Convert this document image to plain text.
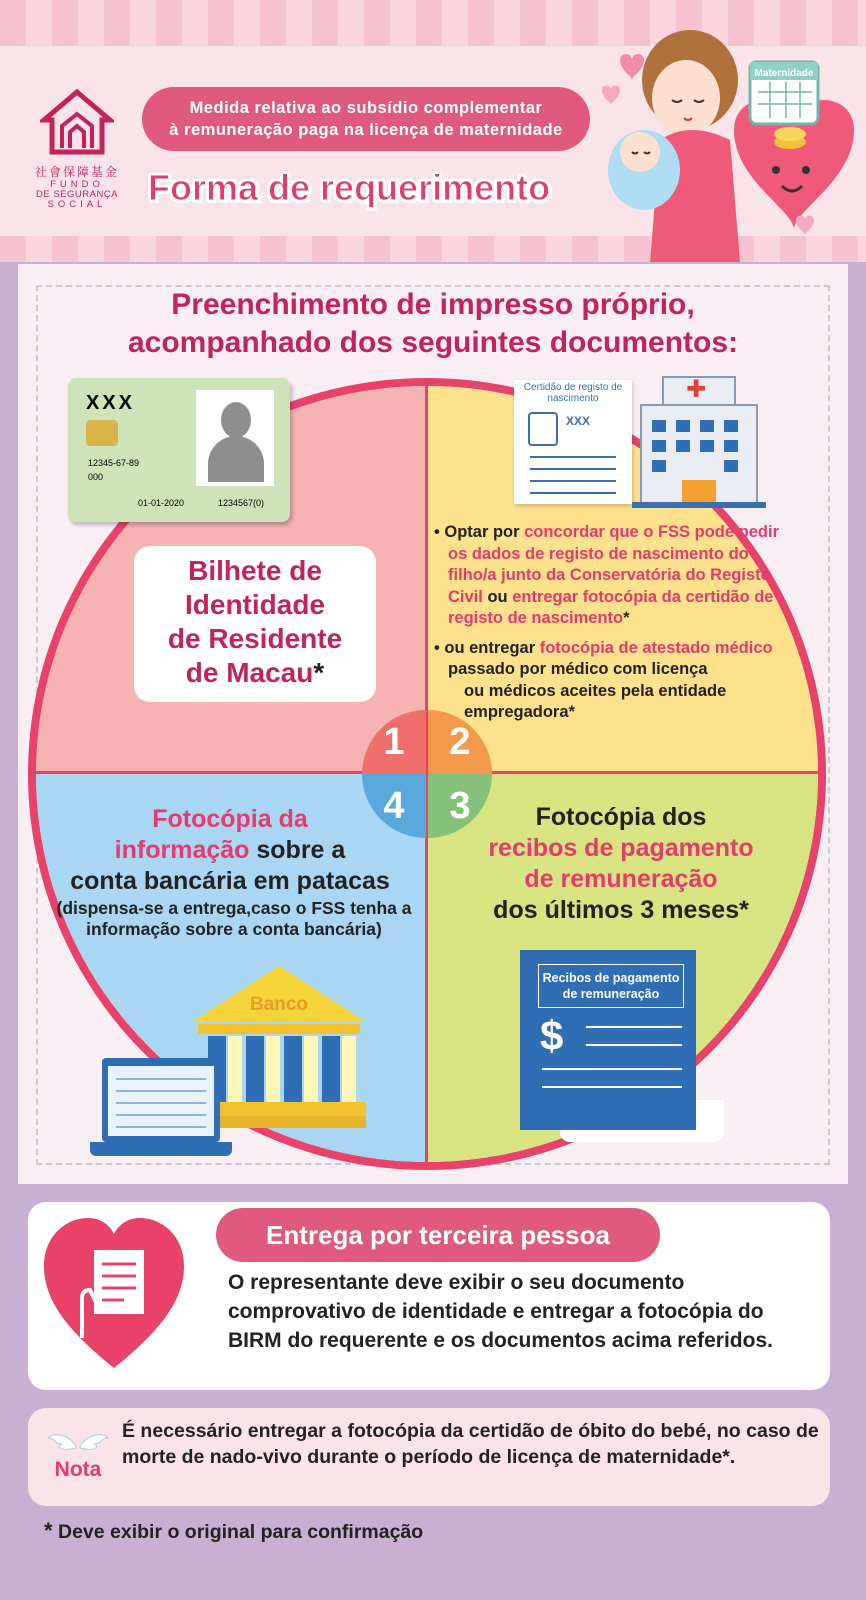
社會保障基金
FUNDO
DE SEGURANÇA
SOCIAL
Medida relativa ao subsídio complementar
à remuneração paga na licença de maternidade
Forma de requerimento
Maternidade
Preenchimento de impresso próprio,
acompanhado dos seguintes documentos:
1	2
3
4
XXX
12345-67-89
000
01-01-2020	1234567(0)
Bilhete de
Identidade
de Residente
de Macau*
Certidão de registo de nascimento
XXX
✚

• Optar por concordar que o FSS pode pedir os dados de registo de nascimento do filho/a junto da Conservatória do Registo Civil ou entregar fotocópia da certidão de registo de nascimento*

• ou entregar fotocópia de atestado médico passado por médico com licença

ou médicos aceites pela entidade empregadora*

Fotocópia dos
recibos de pagamento
de remuneração
dos últimos 3 meses*
Recibos de pagamento de remuneração
$
Fotocópia da
informação sobre a
conta bancária em patacas
(dispensa-se a entrega,caso o FSS tenha a informação sobre a conta bancária)
Banco
Entrega por terceira pessoa
O representante deve exibir o seu documento comprovativo de identidade e entregar a fotocópia do BIRM do requerente e os documentos acima referidos.
Nota
É necessário entregar a fotocópia da certidão de óbito do bebé, no caso de morte de nado-vivo durante o período de licença de maternidade*.
* Deve exibir o original para confirmação
